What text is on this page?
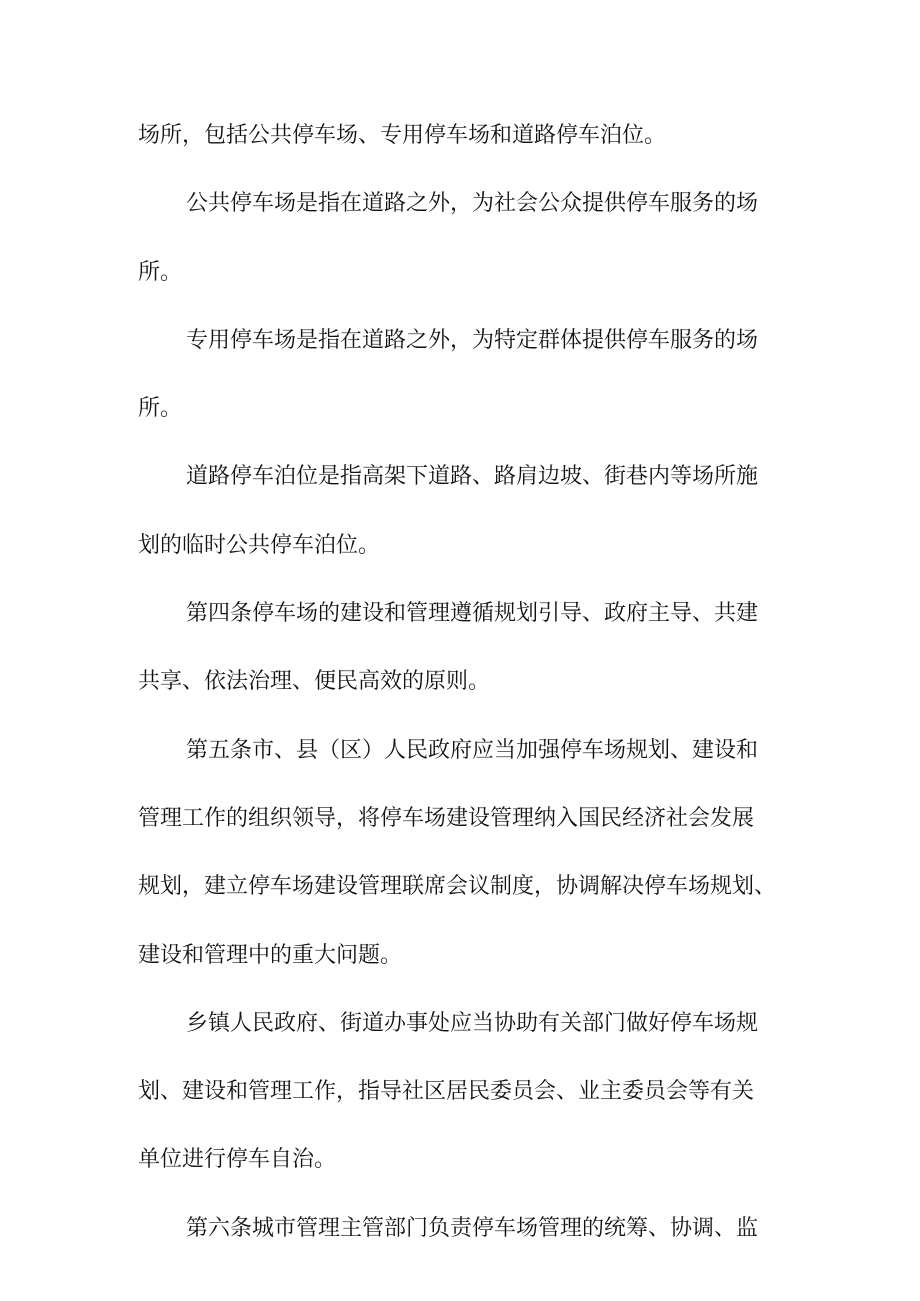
场所，包括公共停车场、专用停车场和道路停车泊位。
公共停车场是指在道路之外，为社会公众提供停车服务的场
所。
专用停车场是指在道路之外，为特定群体提供停车服务的场
所。
道路停车泊位是指高架下道路、路肩边坡、街巷内等场所施
划的临时公共停车泊位。
第四条停车场的建设和管理遵循规划引导、政府主导、共建
共享、依法治理、便民高效的原则。
第五条市、县（区）人民政府应当加强停车场规划、建设和
管理工作的组织领导，将停车场建设管理纳入国民经济社会发展
规划，建立停车场建设管理联席会议制度，协调解决停车场规划、
建设和管理中的重大问题。
乡镇人民政府、街道办事处应当协助有关部门做好停车场规
划、建设和管理工作，指导社区居民委员会、业主委员会等有关
单位进行停车自治。
第六条城市管理主管部门负责停车场管理的统筹、协调、监
